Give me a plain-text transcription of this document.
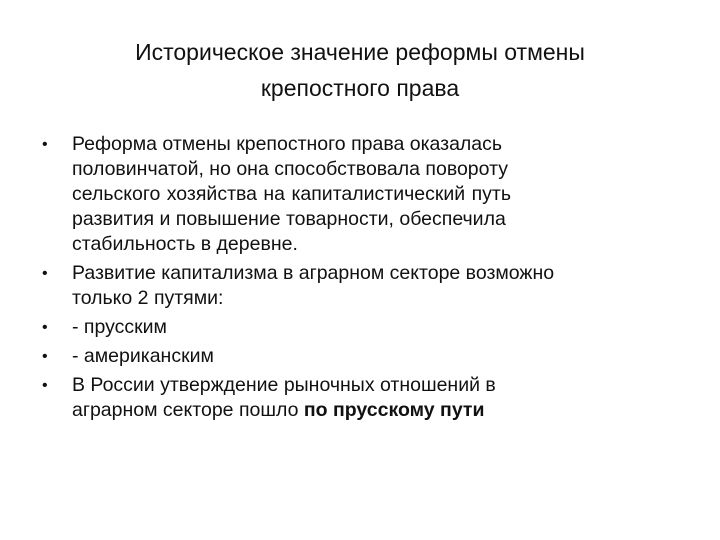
Историческое значение реформы отмены
крепостного права
•	Реформа отмены крепостного права оказалась
половинчатой, но она способствовала повороту
сельского хозяйства на капиталистический путь
развития и повышение товарности, обеспечила
стабильность в деревне.
•	Развитие капитализма в аграрном секторе возможно
только 2 путями:
•	- прусским
•	- американским
•	В России утверждение рыночных отношений в
аграрном секторе пошло по прусскому пути
